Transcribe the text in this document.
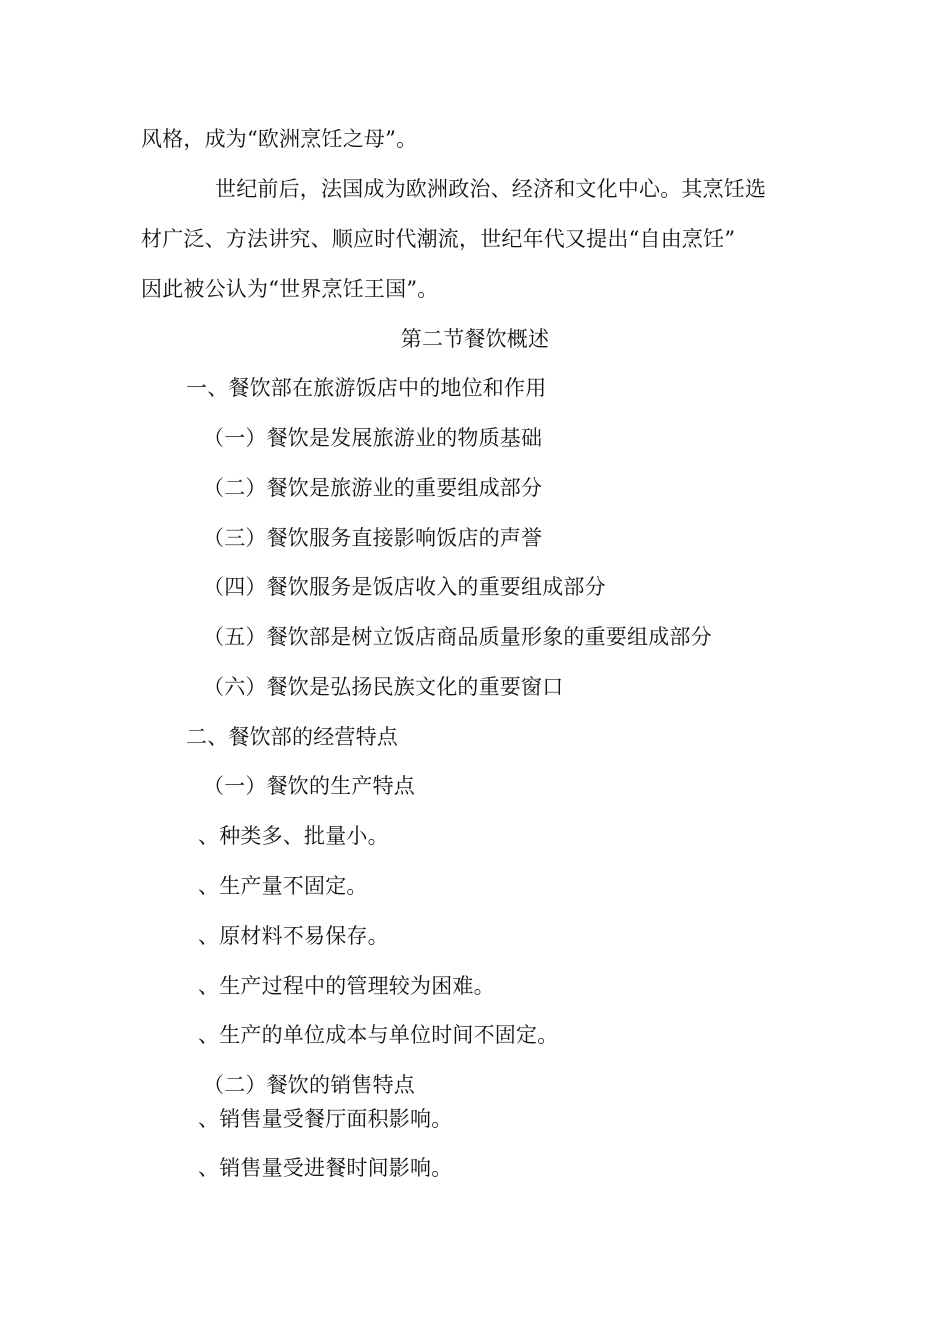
风格，成为“欧洲烹饪之母”。
世纪前后，法国成为欧洲政治、经济和文化中心。其烹饪选
材广泛、方法讲究、顺应时代潮流，世纪年代又提出“自由烹饪”
因此被公认为“世界烹饪王国”。
第二节餐饮概述
一、餐饮部在旅游饭店中的地位和作用
（一）餐饮是发展旅游业的物质基础
（二）餐饮是旅游业的重要组成部分
（三）餐饮服务直接影响饭店的声誉
（四）餐饮服务是饭店收入的重要组成部分
（五）餐饮部是树立饭店商品质量形象的重要组成部分
（六）餐饮是弘扬民族文化的重要窗口
二、餐饮部的经营特点
（一）餐饮的生产特点
、种类多、批量小。
、生产量不固定。
、原材料不易保存。
、生产过程中的管理较为困难。
、生产的单位成本与单位时间不固定。
（二）餐饮的销售特点
、销售量受餐厅面积影响。
、销售量受进餐时间影响。
